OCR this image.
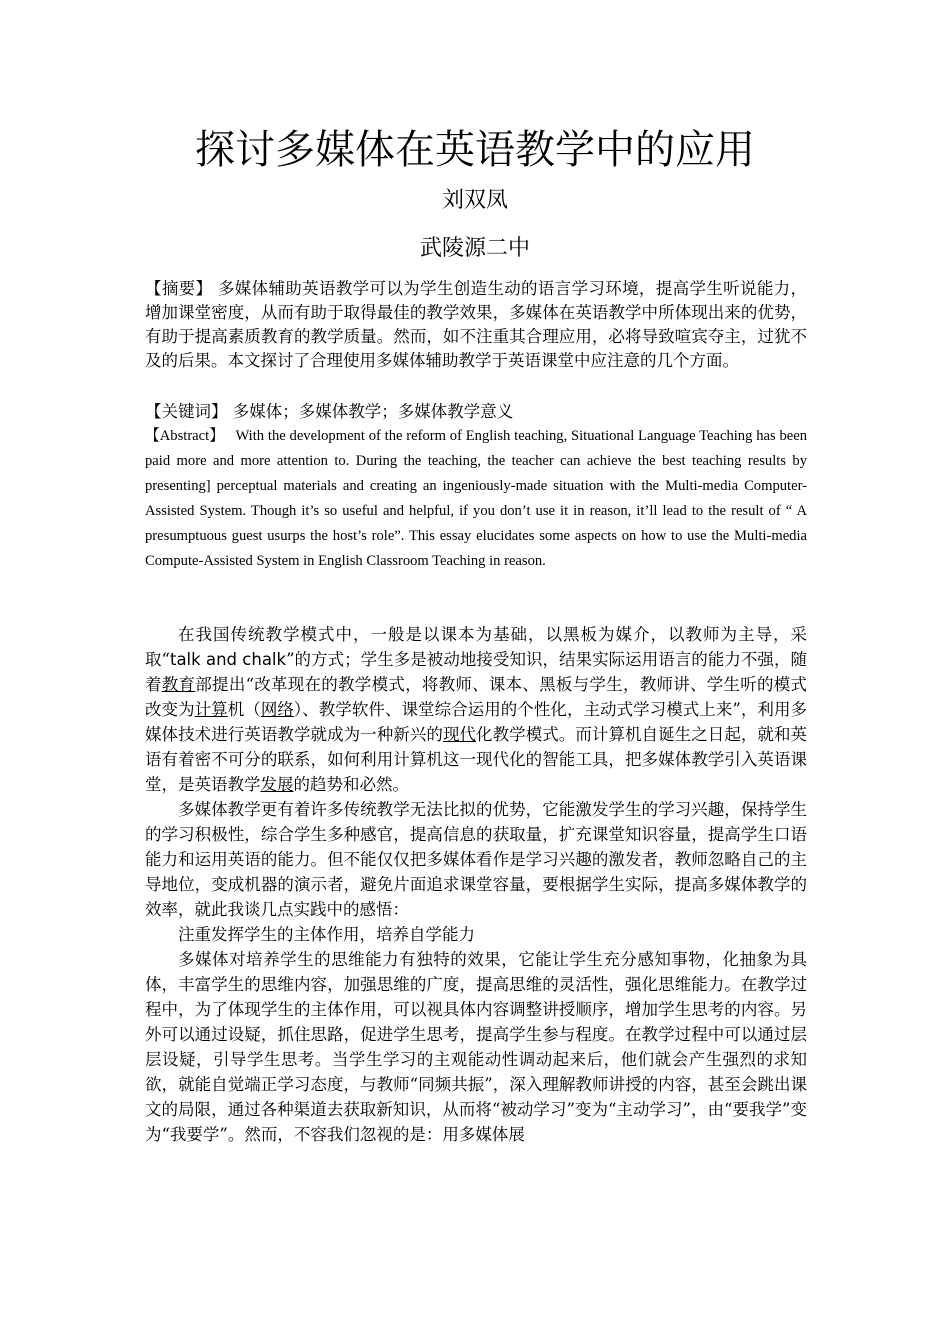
探讨多媒体在英语教学中的应用
刘双凤
武陵源二中
【摘要】 多媒体辅助英语教学可以为学生创造生动的语言学习环境，提高学生听说能力，增加课堂密度，从而有助于取得最佳的教学效果，多媒体在英语教学中所体现出来的优势，有助于提高素质教育的教学质量。然而，如不注重其合理应用，必将导致喧宾夺主，过犹不及的后果。本文探讨了合理使用多媒体辅助教学于英语课堂中应注意的几个方面。
【关键词】 多媒体；多媒体教学；多媒体教学意义
【Abstract】   With the development of the reform of English teaching, Situational Language Teaching has been paid more and more attention to. During the teaching, the teacher can achieve the best teaching results by presenting] perceptual materials and creating an ingeniously-made situation with the Multi-media Computer-Assisted System. Though it’s so useful and helpful, if you don’t use it in reason, it’ll lead to the result of “ A presumptuous guest usurps the host’s role”. This essay elucidates some aspects on how to use the Multi-media Compute-Assisted System in English Classroom Teaching in reason.

在我国传统教学模式中，一般是以课本为基础，以黑板为媒介，以教师为主导，采取“talk and chalk”的方式；学生多是被动地接受知识，结果实际运用语言的能力不强，随着教育部提出“改革现在的教学模式，将教师、课本、黑板与学生，教师讲、学生听的模式改变为计算机（网络）、教学软件、课堂综合运用的个性化，主动式学习模式上来”，利用多媒体技术进行英语教学就成为一种新兴的现代化教学模式。而计算机自诞生之日起，就和英语有着密不可分的联系，如何利用计算机这一现代化的智能工具，把多媒体教学引入英语课堂，是英语教学发展的趋势和必然。

多媒体教学更有着许多传统教学无法比拟的优势，它能激发学生的学习兴趣，保持学生的学习积极性，综合学生多种感官，提高信息的获取量，扩充课堂知识容量，提高学生口语能力和运用英语的能力。但不能仅仅把多媒体看作是学习兴趣的激发者，教师忽略自己的主导地位，变成机器的演示者，避免片面追求课堂容量，要根据学生实际，提高多媒体教学的效率，就此我谈几点实践中的感悟：

注重发挥学生的主体作用，培养自学能力

多媒体对培养学生的思维能力有独特的效果，它能让学生充分感知事物，化抽象为具体，丰富学生的思维内容，加强思维的广度，提高思维的灵活性，强化思维能力。在教学过程中，为了体现学生的主体作用，可以视具体内容调整讲授顺序，增加学生思考的内容。另外可以通过设疑，抓住思路，促进学生思考，提高学生参与程度。在教学过程中可以通过层层设疑，引导学生思考。当学生学习的主观能动性调动起来后，他们就会产生强烈的求知欲，就能自觉端正学习态度，与教师“同频共振”，深入理解教师讲授的内容，甚至会跳出课文的局限，通过各种渠道去获取新知识，从而将“被动学习”变为“主动学习”，由“要我学”变为“我要学”。然而，不容我们忽视的是：用多媒体展
